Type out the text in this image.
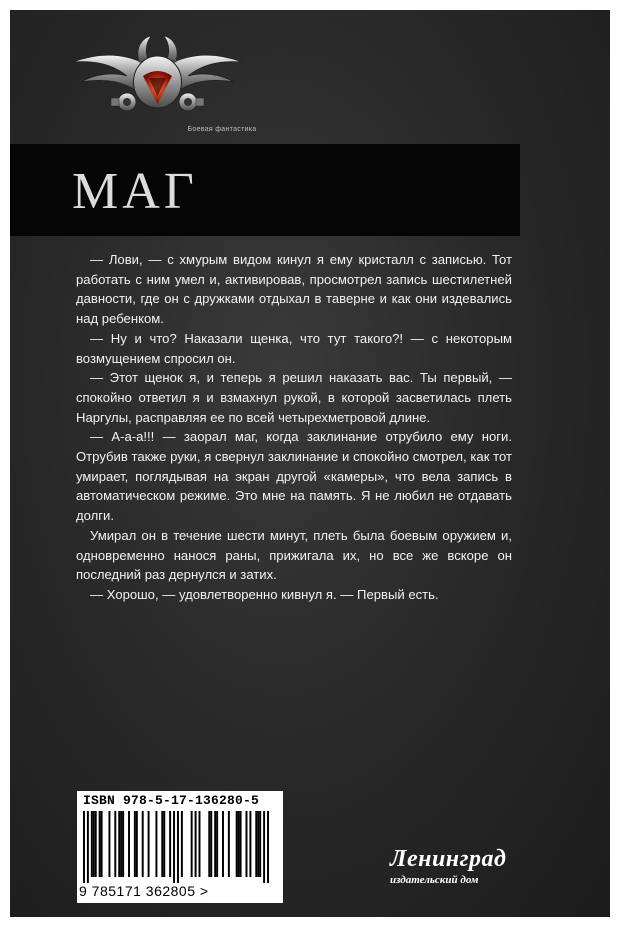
Боевая фантастика
МАГ

— Лови, — с хмурым видом кинул я ему кристалл с записью. Тот работать с ним умел и, активировав, просмотрел запись шестилетней давности, где он с дружками отдыхал в таверне и как они издевались над ребенком.

— Ну и что? Наказали щенка, что тут такого?! — с некоторым возмущением спросил он.

— Этот щенок я, и теперь я решил наказать вас. Ты первый, — спокойно ответил я и взмахнул рукой, в которой засветилась плеть Наргулы, расправляя ее по всей четырехметровой длине.

— А-а-а!!! — заорал маг, когда заклинание отрубило ему ноги. Отрубив также руки, я свернул заклинание и спокойно смотрел, как тот умирает, поглядывая на экран другой «камеры», что вела запись в автоматическом режиме. Это мне на память. Я не любил не отдавать долги.

Умирал он в течение шести минут, плеть была боевым оружием и, одновременно нанося раны, прижигала их, но все же вскоре он последний раз дернулся и затих.

— Хорошо, — удовлетворенно кивнул я. — Первый есть.

ISBN 978-5-17-136280-5
9 785171 362805 >
Ленинград
издательский дом
